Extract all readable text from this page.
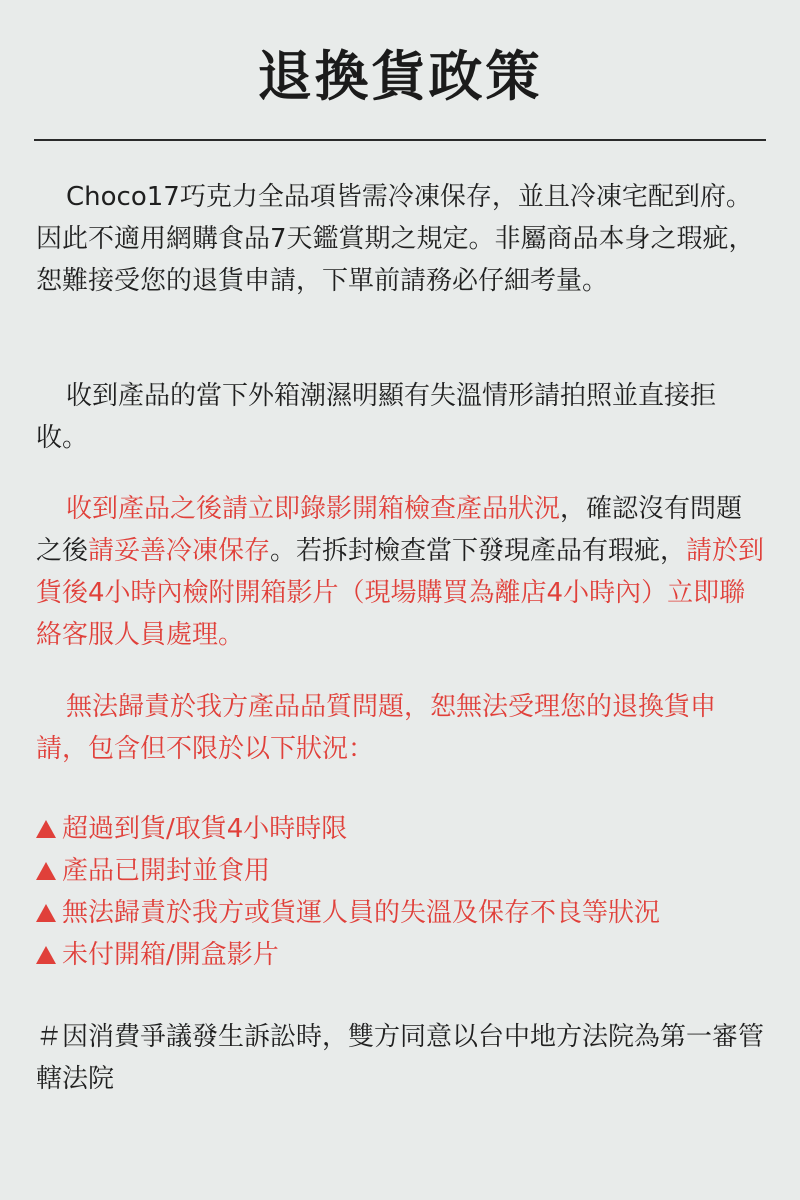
退換貨政策
Choco17巧克力全品項皆需冷凍保存，並且冷凍宅配到府。因此不適用網購食品7天鑑賞期之規定。非屬商品本身之瑕疵，恕難接受您的退貨申請，下單前請務必仔細考量。
收到產品的當下外箱潮濕明顯有失溫情形請拍照並直接拒收。
收到產品之後請立即錄影開箱檢查產品狀況，確認沒有問題之後請妥善冷凍保存。若拆封檢查當下發現產品有瑕疵，請於到貨後4小時內檢附開箱影片（現場購買為離店4小時內）立即聯絡客服人員處理。
無法歸責於我方產品品質問題，恕無法受理您的退換貨申請，包含但不限於以下狀況：
超過到貨/取貨4小時時限
產品已開封並食用
無法歸責於我方或貨運人員的失溫及保存不良等狀況
未付開箱/開盒影片
＃因消費爭議發生訴訟時，雙方同意以台中地方法院為第一審管轄法院
